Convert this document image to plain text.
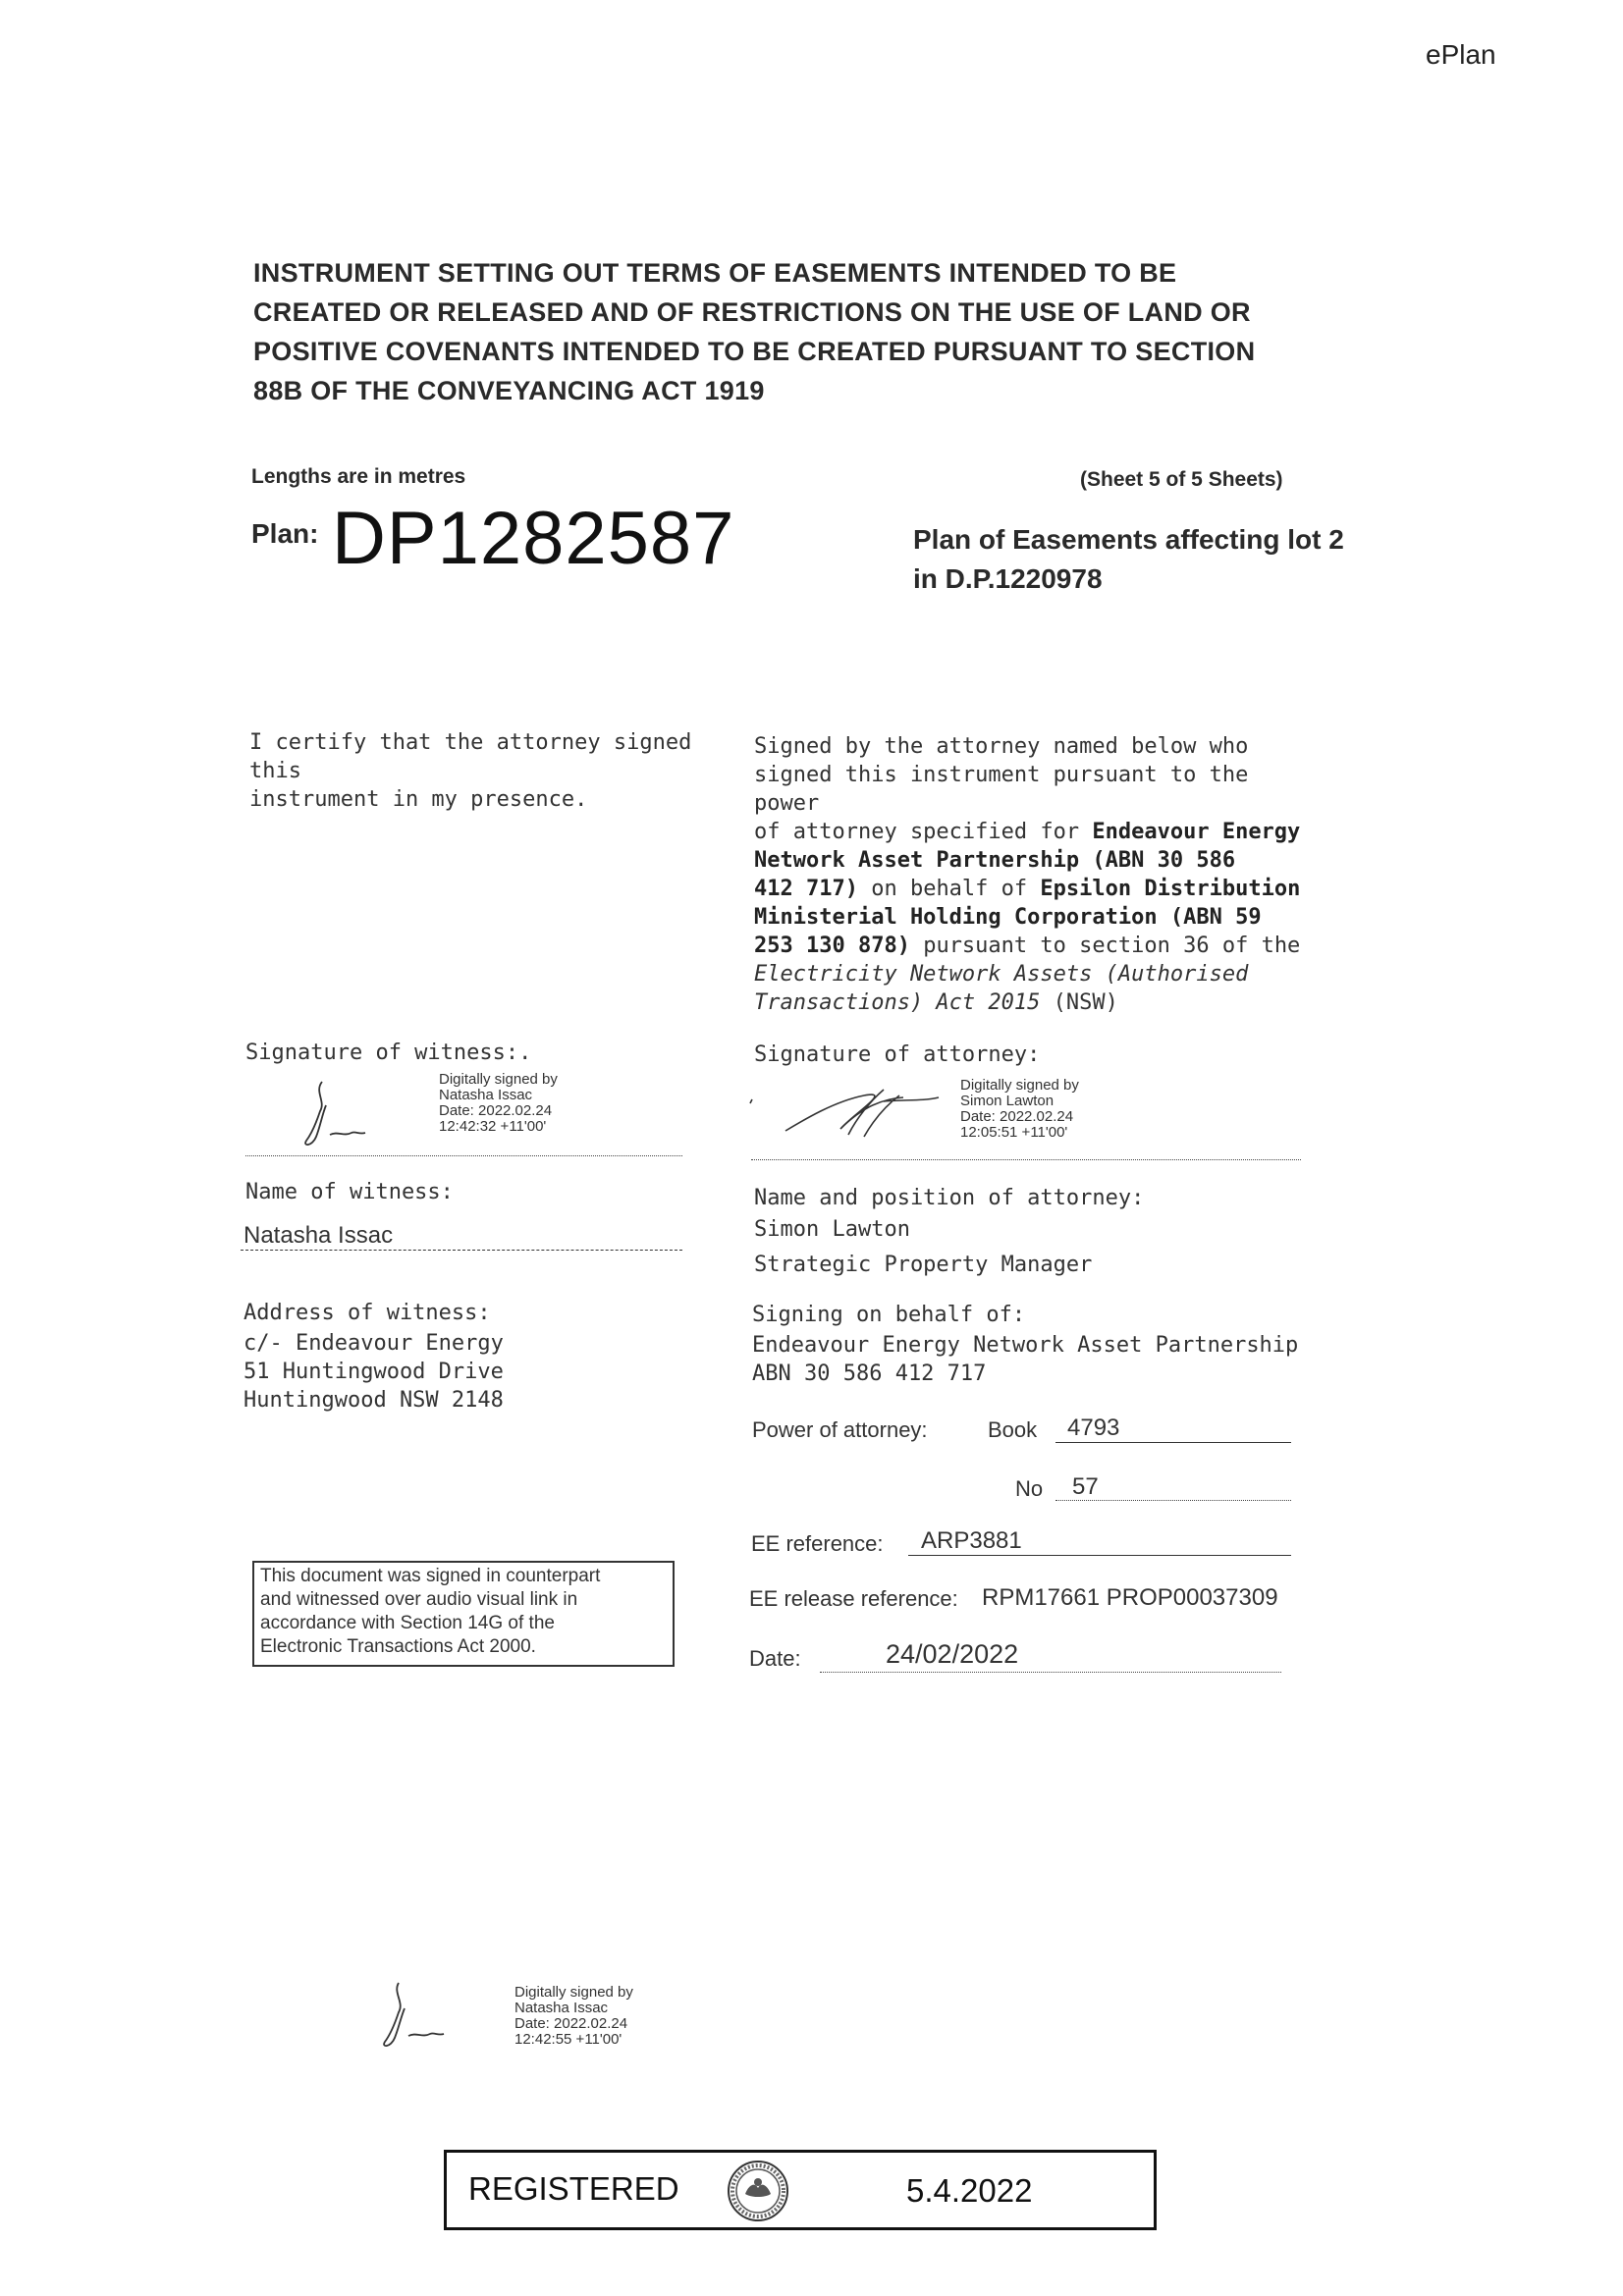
ePlan
INSTRUMENT SETTING OUT TERMS OF EASEMENTS INTENDED TO BE
CREATED OR RELEASED AND OF RESTRICTIONS ON THE USE OF LAND OR
POSITIVE COVENANTS INTENDED TO BE CREATED PURSUANT TO SECTION
88B OF THE CONVEYANCING ACT 1919
Lengths are in metres	(Sheet 5 of 5 Sheets)
Plan: DP1282587	Plan of Easements affecting lot 2
in D.P.1220978
I certify that the attorney signed this
instrument in my presence.
Signed by the attorney named below who
signed this instrument pursuant to the power
of attorney specified for Endeavour Energy
Network Asset Partnership (ABN 30 586
412 717) on behalf of Epsilon Distribution
Ministerial Holding Corporation (ABN 59
253 130 878) pursuant to section 36 of the
Electricity Network Assets (Authorised
Transactions) Act 2015 (NSW)
Signature of witness:.
Digitally signed by
Natasha Issac
Date: 2022.02.24
12:42:32 +11'00'
Name of witness:
Natasha Issac
Address of witness:
c/- Endeavour Energy
51 Huntingwood Drive
Huntingwood NSW 2148
Signature of attorney:
Digitally signed by
Simon Lawton
Date: 2022.02.24
12:05:51 +11'00'
Name and position of attorney:
Simon Lawton
Strategic Property Manager
Signing on behalf of:
Endeavour Energy Network Asset Partnership
ABN 30 586 412 717
Power of attorney:	Book 4793
No 57
EE reference: ARP3881
EE release reference: RPM17661 PROP00037309
Date:	24/02/2022
This document was signed in counterpart
and witnessed over audio visual link in
accordance with Section 14G of the
Electronic Transactions Act 2000.
Digitally signed by
Natasha Issac
Date: 2022.02.24
12:42:55 +11'00'
REGISTERED	5.4.2022
